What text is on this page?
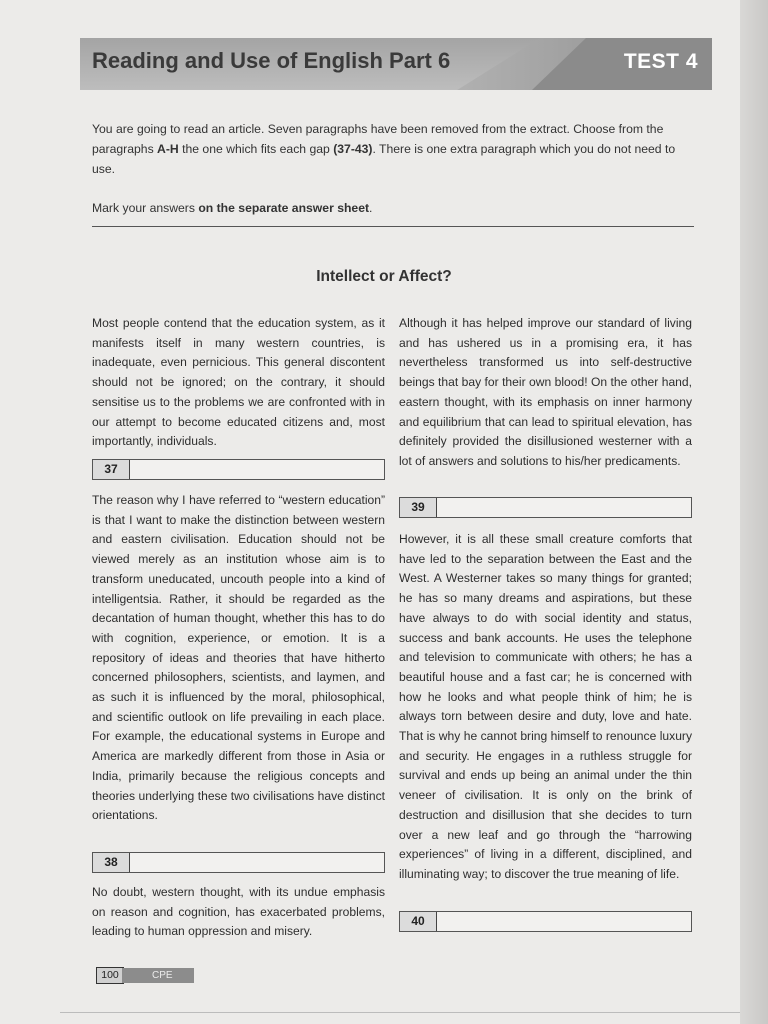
Reading and Use of English Part 6	TEST 4
You are going to read an article. Seven paragraphs have been removed from the extract. Choose from the paragraphs A-H the one which fits each gap (37-43). There is one extra paragraph which you do not need to use.
Mark your answers on the separate answer sheet.
Intellect or Affect?
Most people contend that the education system, as it manifests itself in many western countries, is inadequate, even pernicious. This general discontent should not be ignored; on the contrary, it should sensitise us to the problems we are confronted with in our attempt to become educated citizens and, most importantly, individuals.
37
The reason why I have referred to “western education” is that I want to make the distinction between western and eastern civilisation. Education should not be viewed merely as an institution whose aim is to transform uneducated, uncouth people into a kind of intelligentsia. Rather, it should be regarded as the decantation of human thought, whether this has to do with cognition, experience, or emotion. It is a repository of ideas and theories that have hitherto concerned philosophers, scientists, and laymen, and as such it is influenced by the moral, philosophical, and scientific outlook on life prevailing in each place. For example, the educational systems in Europe and America are markedly different from those in Asia or India, primarily because the religious concepts and theories underlying these two civilisations have distinct orientations.
38
No doubt, western thought, with its undue emphasis on reason and cognition, has exacerbated problems, leading to human oppression and misery.
Although it has helped improve our standard of living and has ushered us in a promising era, it has nevertheless transformed us into self-destructive beings that bay for their own blood! On the other hand, eastern thought, with its emphasis on inner harmony and equilibrium that can lead to spiritual elevation, has definitely provided the disillusioned westerner with a lot of answers and solutions to his/her predicaments.
39
However, it is all these small creature comforts that have led to the separation between the East and the West. A Westerner takes so many things for granted; he has so many dreams and aspirations, but these have always to do with social identity and status, success and bank accounts. He uses the telephone and television to communicate with others; he has a beautiful house and a fast car; he is concerned with how he looks and what people think of him; he is always torn between desire and duty, love and hate. That is why he cannot bring himself to renounce luxury and security. He engages in a ruthless struggle for survival and ends up being an animal under the thin veneer of civilisation. It is only on the brink of destruction and disillusion that she decides to turn over a new leaf and go through the “harrowing experiences” of living in a different, disciplined, and illuminating way; to discover the true meaning of life.
40
100	CPE
